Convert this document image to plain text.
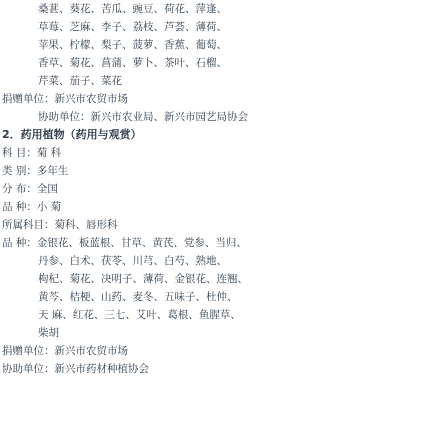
桑葚、葵花、苦瓜、豌豆、荷花、萍逢、
草莓、芝麻、李子、荔枝、芦荟、薄荷、
苹果、柠檬、梨子、菠萝、香蕉、葡萄、
香草、菊花、菖蒲、萝卜、茶叶、石榴、
芹菜、茄子、菜花
捐赠单位：新兴市农贸市场
协助单位：新兴市农业局、新兴市园艺局协会
2．药用植物（药用与观赏）
科 目：菊 科
类 别：多年生
分 布：全国
品 种：小 菊
所属科目：菊科、唇形科
品 种：金银花、板蓝根、甘草、黄芪、党参、当归、
丹参、白术、茯苓、川芎、白芍、熟地、
枸杞、菊花、决明子、薄荷、金银花、连翘、
黄芩、桔梗、山药、麦冬、五味子、杜仲、
天 麻、红花、三七、艾叶、葛根、鱼腥草、
柴胡
捐赠单位：新兴市农贸市场
协助单位：新兴市药材种植协会
